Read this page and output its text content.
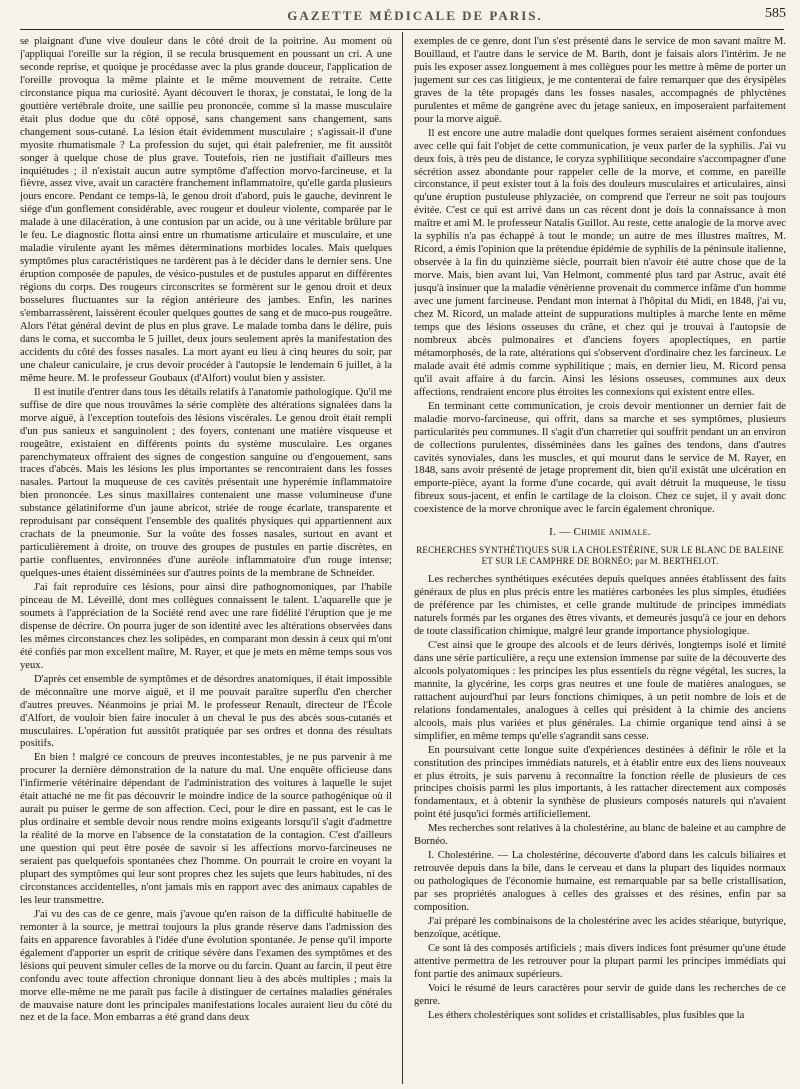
GAZETTE MÉDICALE DE PARIS.	585

se plaignant d'une vive douleur dans le côté droit de la poitrine. Au moment où j'appliquai l'oreille sur la région, il se recula brusquement en poussant un cri. A une seconde reprise, et quoique je procédasse avec la plus grande douceur, l'application de l'oreille provoqua la même plainte et le même mouvement de retraite. Cette circonstance piqua ma curiosité. Ayant découvert le thorax, je constatai, le long de la gouttière vertébrale droite, une saillie peu prononcée, comme si la masse musculaire était plus dodue que du côté opposé, sans changement sans changement, sans changement sous-cutané. La lésion était évidemment musculaire ; s'agissait-il d'une myosite rhumatismale ? La profession du sujet, qui était palefrenier, me fit aussitôt songer à quelque chose de plus grave. Toutefois, rien ne justifiait d'ailleurs mes inquiétudes ; il n'existait aucun autre symptôme d'affection morvo-farcineuse, et la fièvre, assez vive, avait un caractère franchement inflammatoire, qu'elle garda plusieurs jours encore. Pendant ce temps-là, le genou droit d'abord, puis le gauche, devinrent le siége d'un gonflement considérable, avec rougeur et douleur violente, comparée par le malade à une dilacération, à une contusion par un acide, ou à une véritable brûlure par le feu. Le diagnostic flotta ainsi entre un rhumatisme articulaire et musculaire, et une maladie virulente ayant les mêmes déterminations morbides locales. Mais quelques symptômes plus caractéristiques ne tardèrent pas à le décider dans le dernier sens. Une éruption composée de papules, de vésico-pustules et de pustules apparut en différentes régions du corps. Des rougeurs circonscrites se formèrent sur le genou droit et deux bosselures fluctuantes sur la région antérieure des jambes. Enfin, les narines s'embarrassèrent, laissèrent écouler quelques gouttes de sang et de muco-pus rougeâtre. Alors l'état général devint de plus en plus grave. Le malade tomba dans le délire, puis dans le coma, et succomba le 5 juillet, deux jours seulement après la manifestation des accidents du côté des fosses nasales. La mort ayant eu lieu à cinq heures du soir, par une chaleur caniculaire, je crus devoir procéder à l'autopsie le lendemain 6 juillet, à la même heure. M. le professeur Goubaux (d'Alfort) voulut bien y assister.

Il est inutile d'entrer dans tous les détails relatifs à l'anatomie pathologique. Qu'il me suffise de dire que nous trouvâmes la série complète des altérations signalées dans la morve aiguë, à l'exception toutefois des lésions viscérales. Le genou droit était rempli d'un pus sanieux et sanguinolent ; des foyers, contenant une matière visqueuse et rougeâtre, existaient en différents points du système musculaire. Les organes parenchymateux offraient des signes de congestion sanguine ou d'engouement, sans traces d'abcès. Mais les lésions les plus importantes se rencontraient dans les fosses nasales. Partout la muqueuse de ces cavités présentait une hyperémie inflammatoire bien prononcée. Les sinus maxillaires contenaient une masse volumineuse d'une substance gélatiniforme d'un jaune abricot, striée de rouge écarlate, transparente et reproduisant par conséquent l'ensemble des qualités physiques qui appartiennent aux crachats de la pneumonie. Sur la voûte des fosses nasales, surtout en avant et particulièrement à droite, on trouve des groupes de pustules en partie discrètes, en partie confluentes, environnées d'une auréole inflammatoire d'un rouge intense; quelques-unes étaient disséminées sur d'autres points de la membrane de Schneider.

J'ai fait reproduire ces lésions, pour ainsi dire pathognomoniques, par l'habile pinceau de M. Léveillé, dont mes collègues connaissent le talent. L'aquarelle que je soumets à l'appréciation de la Société rend avec une rare fidélité l'éruption que je me dispense de décrire. On pourra juger de son identité avec les altérations observées dans les mêmes circonstances chez les solipèdes, en comparant mon dessin à ceux qui m'ont été confiés par mon excellent maître, M. Rayer, et que je mets en même temps sous vos yeux.

D'après cet ensemble de symptômes et de désordres anatomiques, il était impossible de méconnaître une morve aiguë, et il me pouvait paraître superflu d'en chercher d'autres preuves. Néanmoins je priai M. le professeur Renault, directeur de l'École d'Alfort, de vouloir bien faire inoculer à un cheval le pus des abcès sous-cutanés et musculaires. L'opération fut aussitôt pratiquée par ses ordres et donna des résultats positifs.

En bien ! malgré ce concours de preuves incontestables, je ne pus parvenir à me procurer la dernière démonstration de la nature du mal. Une enquête officieuse dans l'infirmerie vétérinaire dépendant de l'administration des voitures à laquelle le sujet était attaché ne me fit pas découvrir le moindre indice de la source pathogénique où il aurait pu puiser le germe de son affection. Ceci, pour le dire en passant, est le cas le plus ordinaire et semble devoir nous rendre moins exigeants lorsqu'il s'agit d'admettre la réalité de la morve en l'absence de la constatation de la contagion. C'est d'ailleurs une question qui peut être posée de savoir si les affections morvo-farcineuses ne seraient pas quelquefois spontanées chez l'homme. On pourrait le croire en voyant la plupart des symptômes qui leur sont propres chez les sujets que leurs habitudes, ni des circonstances accidentelles, n'ont jamais mis en rapport avec des animaux capables de les leur transmettre.

J'ai vu des cas de ce genre, mais j'avoue qu'en raison de la difficulté habituelle de remonter à la source, je mettrai toujours la plus grande réserve dans l'admission des faits en apparence favorables à l'idée d'une évolution spontanée. Je pense qu'il importe également d'apporter un esprit de critique sévère dans l'examen des symptômes et des lésions qui peuvent simuler celles de la morve ou du farcin. Quant au farcin, il peut être confondu avec toute affection chronique donnant lieu à des abcès multiples ; mais la morve elle-même ne me paraît pas facile à distinguer de certaines maladies générales de mauvaise nature dont les principales manifestations locales auraient lieu du côté du nez et de la face. Mon embarras a été grand dans deux

exemples de ce genre, dont l'un s'est présenté dans le service de mon savant maître M. Bouillaud, et l'autre dans le service de M. Barth, dont je faisais alors l'intérim. Je ne puis les exposer assez longuement à mes collègues pour les mettre à même de porter un jugement sur ces cas litigieux, je me contenterai de faire remarquer que des érysipèles graves de la tête propagés dans les fosses nasales, accompagnés de phlyctènes purulentes et même de gangrène avec du jetage sanieux, en imposeraient parfaitement pour la morve aiguë.

Il est encore une autre maladie dont quelques formes seraient aisément confondues avec celle qui fait l'objet de cette communication, je veux parler de la syphilis. J'ai vu deux fois, à très peu de distance, le coryza syphilitique secondaire s'accompagner d'une sécrétion assez abondante pour rappeler celle de la morve, et comme, en pareille circonstance, il peut exister tout à la fois des douleurs musculaires et articulaires, ainsi qu'une éruption pustuleuse phlyzaciée, on comprend que l'erreur ne soit pas toujours évitée. C'est ce qui est arrivé dans un cas récent dont je dois la connaissance à mon maître et ami M. le professeur Natalis Guillot. Au reste, cette analogie de la morve avec la syphilis n'a pas échappé à tout le monde; un autre de mes illustres maîtres, M. Ricord, a émis l'opinion que la prétendue épidémie de syphilis de la péninsule italienne, observée à la fin du quinzième siècle, pourrait bien n'avoir été autre chose que de la morve. Mais, bien avant lui, Van Helmont, commenté plus tard par Astruc, avait été jusqu'à insinuer que la maladie vénérienne provenait du commerce infâme d'un homme avec une jument farcineuse. Pendant mon internat à l'hôpital du Midi, en 1848, j'ai vu, chez M. Ricord, un malade atteint de suppurations multiples à marche lente en même temps que des lésions osseuses du crâne, et chez qui je trouvai à l'autopsie de nombreux abcès pulmonaires et d'anciens foyers apoplectiques, en partie métamorphosés, de la rate, altérations qui s'observent d'ordinaire chez les farcineux. Le malade avait été admis comme syphilitique ; mais, en dernier lieu, M. Ricord pensa qu'il avait affaire à du farcin. Ainsi les lésions osseuses, communes aux deux affections, rendraient encore plus étroites les connexions qui existent entre elles.

En terminant cette communication, je crois devoir mentionner un dernier fait de maladie morvo-farcineuse, qui offrit, dans sa marche et ses symptômes, plusieurs particularités peu communes. Il s'agit d'un charretier qui souffrit pendant un an environ de collections purulentes, disséminées dans les gaînes des tendons, dans d'autres cavités synoviales, dans les muscles, et qui mourut dans le service de M. Rayer, en 1848, sans avoir présenté de jetage proprement dit, bien qu'il existât une ulcération en emporte-pièce, ayant la forme d'une cocarde, qui avait détruit la muqueuse, le tissu fibreux sous-jacent, et enfin le cartilage de la cloison. Chez ce sujet, il y avait donc coexistence de la morve chronique avec le farcin également chronique.

I. — Chimie animale.
RECHERCHES SYNTHÉTIQUES SUR LA CHOLESTÉRINE, SUR LE BLANC DE BALEINE
ET SUR LE CAMPHRE DE BORNÉO; par M. BERTHELOT.

Les recherches synthétiques exécutées depuis quelques années établissent des faits généraux de plus en plus précis entre les matières carbonées les plus simples, étudiées de préférence par les chimistes, et celle grande multitude de principes immédiats naturels formés par les organes des êtres vivants, et demeurés jusqu'à ce jour en dehors de toute classification chimique, malgré leur grande importance physiologique.

C'est ainsi que le groupe des alcools et de leurs dérivés, longtemps isolé et limité dans une série particulière, a reçu une extension immense par suite de la découverte des alcools polyatomiques : les principes les plus essentiels du règne végétal, les sucres, la mannite, la glycérine, les corps gras neutres et une foule de matières analogues, se rattachent aujourd'hui par leurs fonctions chimiques, à un petit nombre de lois et de relations fondamentales, analogues à celles qui président à la chimie des anciens alcools, mais plus variées et plus générales. La chimie organique tend ainsi à se simplifier, en même temps qu'elle s'agrandit sans cesse.

En poursuivant cette longue suite d'expériences destinées à définir le rôle et la constitution des principes immédiats naturels, et à établir entre eux des liens nouveaux et plus étroits, je suis parvenu à reconnaître la fonction réelle de plusieurs de ces principes choisis parmi les plus importants, à les rattacher directement aux composés fondamentaux, et à obtenir la synthèse de plusieurs composés naturels qui n'avaient point été jusqu'ici formés artificiellement.

Mes recherches sont relatives à la cholestérine, au blanc de baleine et au camphre de Bornéo.

I. Cholestérine. — La cholestérine, découverte d'abord dans les calculs biliaires et retrouvée depuis dans la bile, dans le cerveau et dans la plupart des liquides normaux ou pathologiques de l'économie humaine, est remarquable par sa belle cristallisation, par ses propriétés analogues à celles des graisses et des résines, enfin par sa composition.

J'ai préparé les combinaisons de la cholestérine avec les acides stéarique, butyrique, benzoïque, acétique.

Ce sont là des composés artificiels ; mais divers indices font présumer qu'une étude attentive permettra de les retrouver pour la plupart parmi les principes immédiats qui font partie des animaux supérieurs.

Voici le résumé de leurs caractères pour servir de guide dans les recherches de ce genre.

Les éthers cholestériques sont solides et cristallisables, plus fusibles que la
